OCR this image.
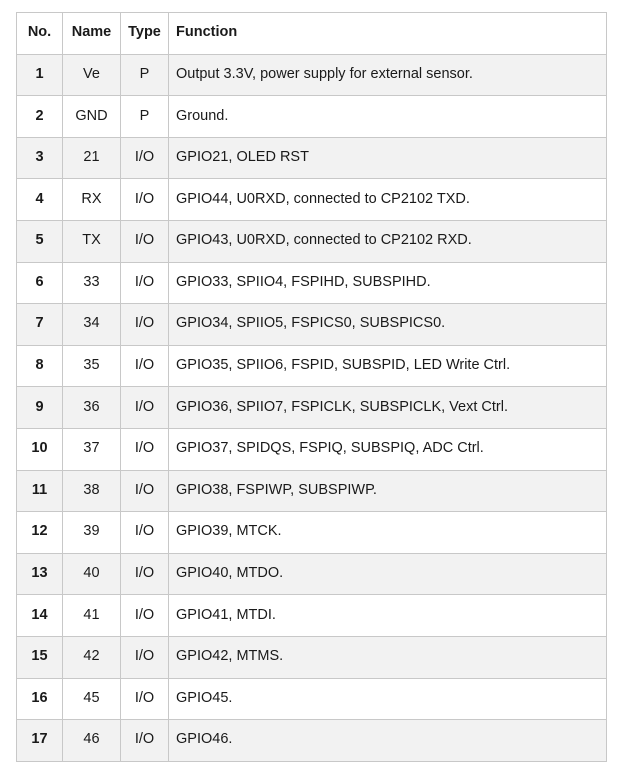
No.	Name	Type	Function
1	Ve	P	Output 3.3V, power supply for external sensor.
2	GND	P	Ground.
3	21	I/O	GPIO21, OLED RST
4	RX	I/O	GPIO44, U0RXD, connected to CP2102 TXD.
5	TX	I/O	GPIO43, U0RXD, connected to CP2102 RXD.
6	33	I/O	GPIO33, SPIIO4, FSPIHD, SUBSPIHD.
7	34	I/O	GPIO34, SPIIO5, FSPICS0, SUBSPICS0.
8	35	I/O	GPIO35, SPIIO6, FSPID, SUBSPID, LED Write Ctrl.
9	36	I/O	GPIO36, SPIIO7, FSPICLK, SUBSPICLK, Vext Ctrl.
10	37	I/O	GPIO37, SPIDQS, FSPIQ, SUBSPIQ, ADC Ctrl.
11	38	I/O	GPIO38, FSPIWP, SUBSPIWP.
12	39	I/O	GPIO39, MTCK.
13	40	I/O	GPIO40, MTDO.
14	41	I/O	GPIO41, MTDI.
15	42	I/O	GPIO42, MTMS.
16	45	I/O	GPIO45.
17	46	I/O	GPIO46.
